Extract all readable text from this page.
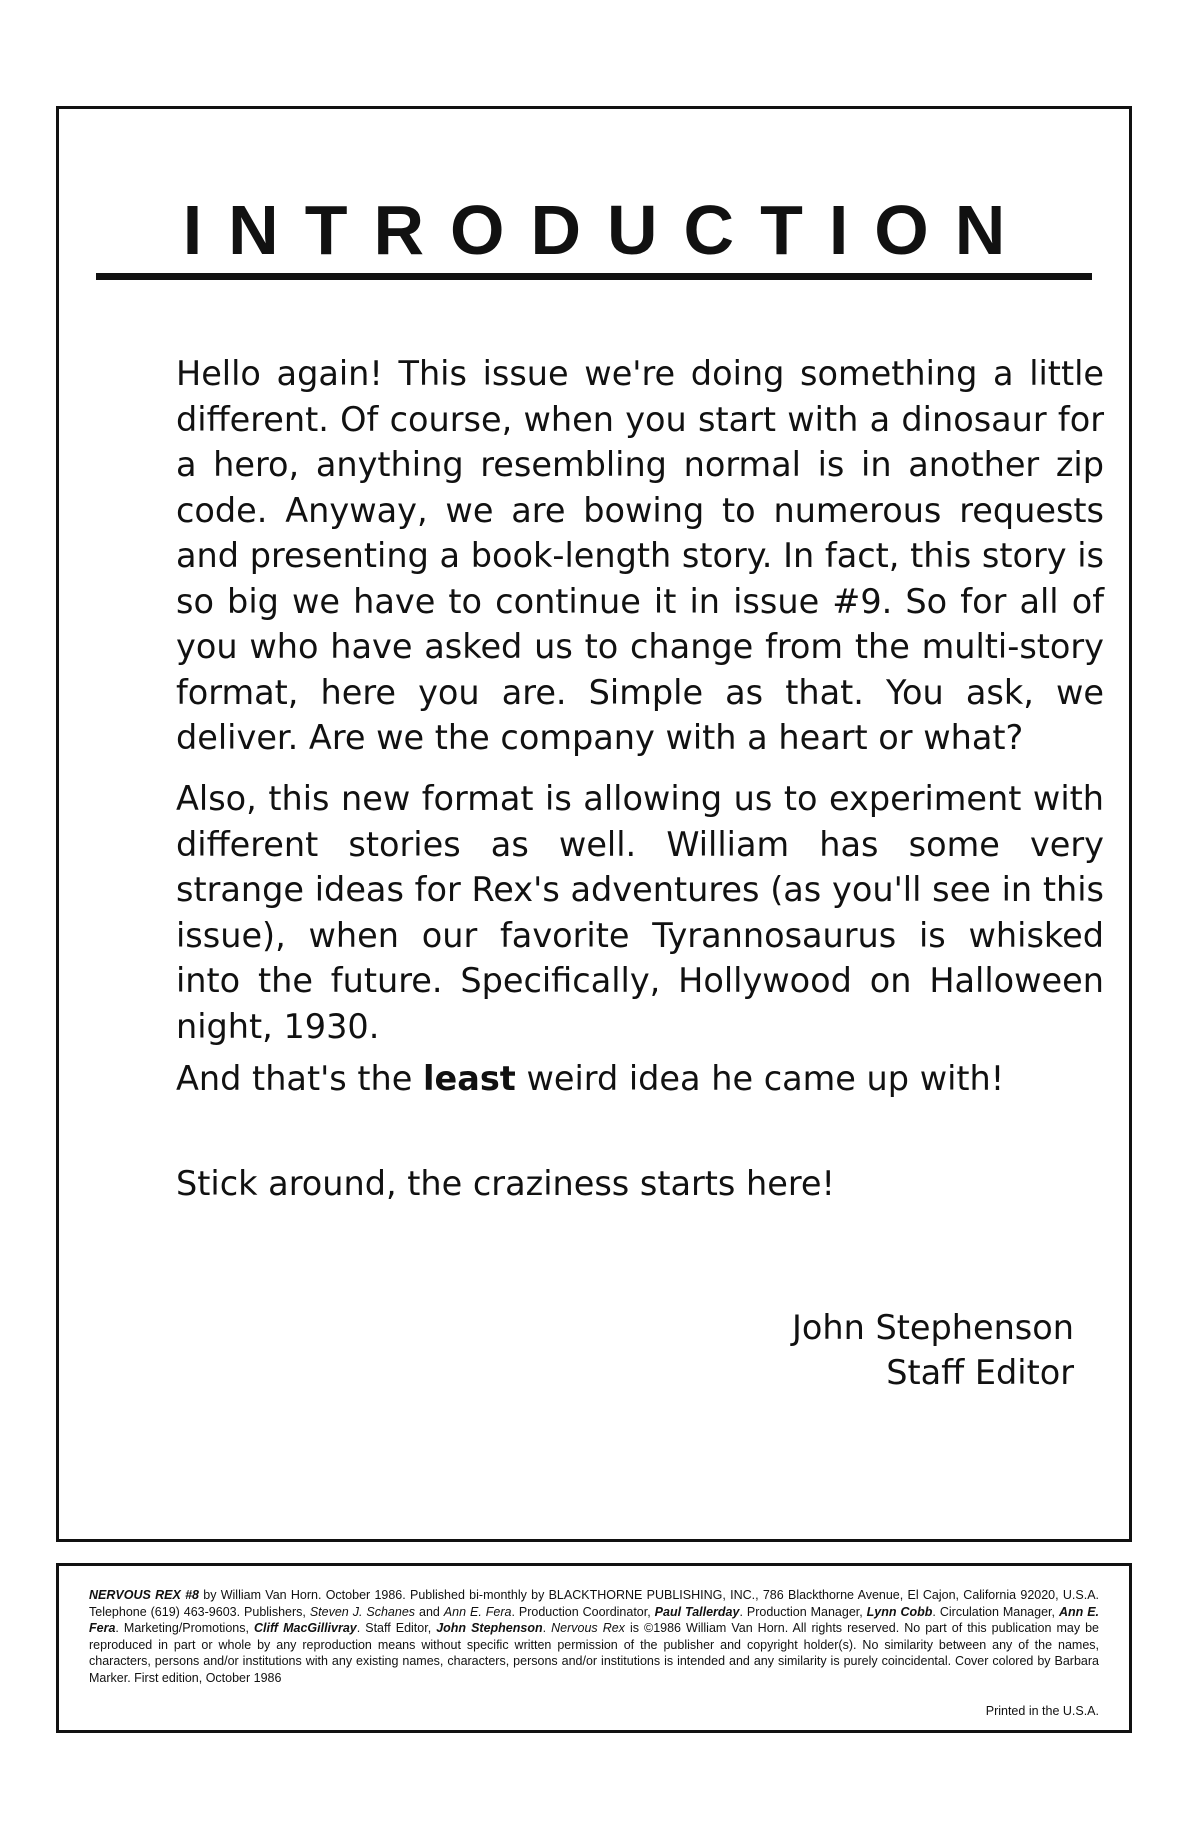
INTRODUCTION

Hello again! This issue we're doing something a little different. Of course, when you start with a dinosaur for a hero, anything resembling normal is in another zip code. Anyway, we are bowing to numerous requests and presenting a book-length story. In fact, this story is so big we have to continue it in issue #9. So for all of you who have asked us to change from the multi-story format, here you are. Simple as that. You ask, we deliver. Are we the company with a heart or what?

Also, this new format is allowing us to experiment with different stories as well. William has some very strange ideas for Rex's adventures (as you'll see in this issue), when our favorite Tyrannosaurus is whisked into the future. Specifically, Hollywood on Halloween night, 1930.

And that's the least weird idea he came up with!

Stick around, the craziness starts here!

John Stephenson
Staff Editor

NERVOUS REX #8 by William Van Horn. October 1986. Published bi-monthly by BLACKTHORNE PUBLISHING, INC., 786 Blackthorne Avenue, El Cajon, California 92020, U.S.A. Telephone (619) 463-9603. Publishers, Steven J. Schanes and Ann E. Fera. Production Coordinator, Paul Tallerday. Production Manager, Lynn Cobb. Circulation Manager, Ann E. Fera. Marketing/Promotions, Cliff MacGillivray. Staff Editor, John Stephenson. Nervous Rex is ©1986 William Van Horn. All rights reserved. No part of this publication may be reproduced in part or whole by any reproduction means without specific written permission of the publisher and copyright holder(s). No similarity between any of the names, characters, persons and/or institutions with any existing names, characters, persons and/or institutions is intended and any similarity is purely coincidental. Cover colored by Barbara Marker. First edition, October 1986

Printed in the U.S.A.
